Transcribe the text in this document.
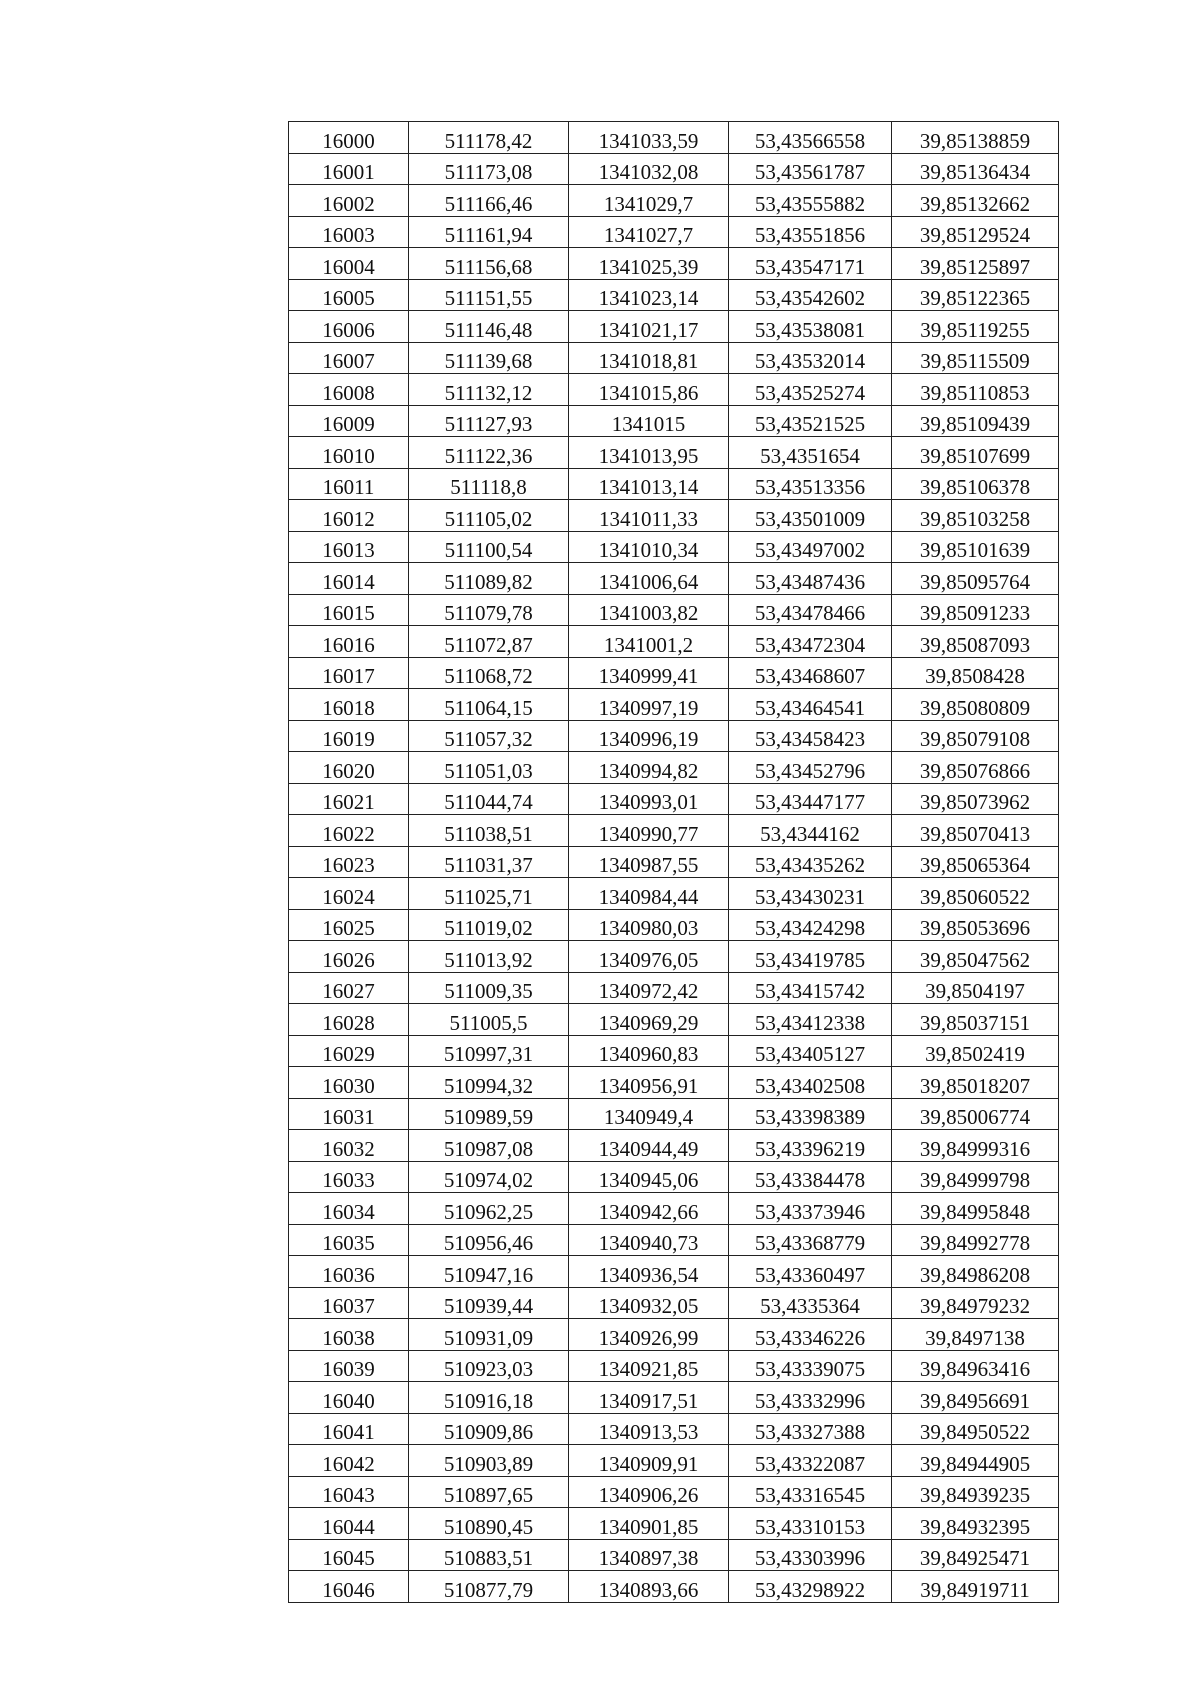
16000	511178,42	1341033,59	53,43566558	39,85138859
16001	511173,08	1341032,08	53,43561787	39,85136434
16002	511166,46	1341029,7	53,43555882	39,85132662
16003	511161,94	1341027,7	53,43551856	39,85129524
16004	511156,68	1341025,39	53,43547171	39,85125897
16005	511151,55	1341023,14	53,43542602	39,85122365
16006	511146,48	1341021,17	53,43538081	39,85119255
16007	511139,68	1341018,81	53,43532014	39,85115509
16008	511132,12	1341015,86	53,43525274	39,85110853
16009	511127,93	1341015	53,43521525	39,85109439
16010	511122,36	1341013,95	53,4351654	39,85107699
16011	511118,8	1341013,14	53,43513356	39,85106378
16012	511105,02	1341011,33	53,43501009	39,85103258
16013	511100,54	1341010,34	53,43497002	39,85101639
16014	511089,82	1341006,64	53,43487436	39,85095764
16015	511079,78	1341003,82	53,43478466	39,85091233
16016	511072,87	1341001,2	53,43472304	39,85087093
16017	511068,72	1340999,41	53,43468607	39,8508428
16018	511064,15	1340997,19	53,43464541	39,85080809
16019	511057,32	1340996,19	53,43458423	39,85079108
16020	511051,03	1340994,82	53,43452796	39,85076866
16021	511044,74	1340993,01	53,43447177	39,85073962
16022	511038,51	1340990,77	53,4344162	39,85070413
16023	511031,37	1340987,55	53,43435262	39,85065364
16024	511025,71	1340984,44	53,43430231	39,85060522
16025	511019,02	1340980,03	53,43424298	39,85053696
16026	511013,92	1340976,05	53,43419785	39,85047562
16027	511009,35	1340972,42	53,43415742	39,8504197
16028	511005,5	1340969,29	53,43412338	39,85037151
16029	510997,31	1340960,83	53,43405127	39,8502419
16030	510994,32	1340956,91	53,43402508	39,85018207
16031	510989,59	1340949,4	53,43398389	39,85006774
16032	510987,08	1340944,49	53,43396219	39,84999316
16033	510974,02	1340945,06	53,43384478	39,84999798
16034	510962,25	1340942,66	53,43373946	39,84995848
16035	510956,46	1340940,73	53,43368779	39,84992778
16036	510947,16	1340936,54	53,43360497	39,84986208
16037	510939,44	1340932,05	53,4335364	39,84979232
16038	510931,09	1340926,99	53,43346226	39,8497138
16039	510923,03	1340921,85	53,43339075	39,84963416
16040	510916,18	1340917,51	53,43332996	39,84956691
16041	510909,86	1340913,53	53,43327388	39,84950522
16042	510903,89	1340909,91	53,43322087	39,84944905
16043	510897,65	1340906,26	53,43316545	39,84939235
16044	510890,45	1340901,85	53,43310153	39,84932395
16045	510883,51	1340897,38	53,43303996	39,84925471
16046	510877,79	1340893,66	53,43298922	39,84919711
